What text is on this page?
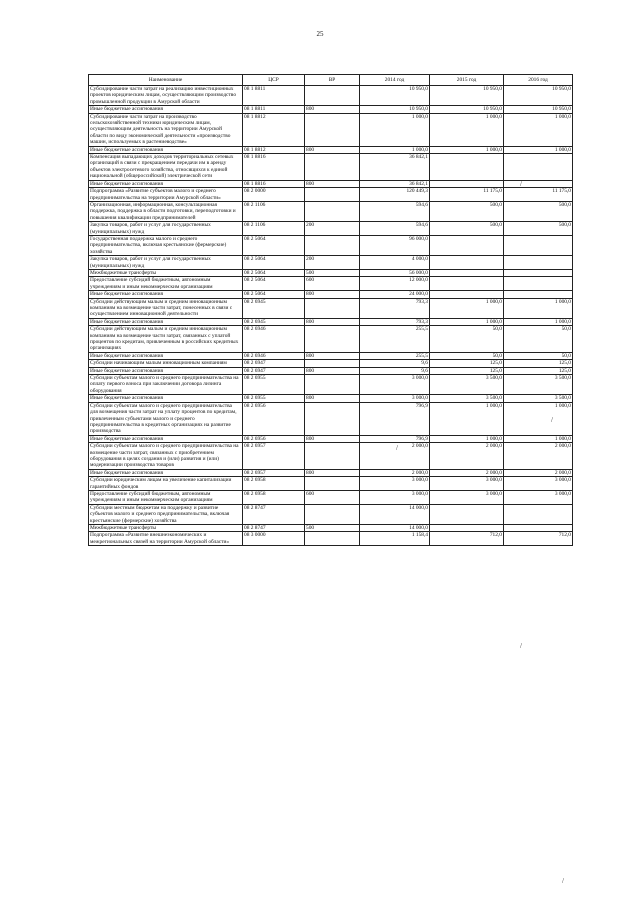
25
Наименование	ЦСР	ВР	2014 год	2015 год	2016 год
Субсидирование части затрат на реализацию инвестиционных проектов юридическим лицам, осуществляющим производство промышленной продукции в Амурской области	08 1 8811		10 950,0	10 950,0	10 950,0
Иные бюджетные ассигнования	08 1 8811	800	10 950,0	10 950,0	10 950,0
Субсидирование части затрат на производство сельскохозяйственной техники юридическим лицам, осуществляющим деятельность на территории Амурской области по виду экономической деятельности «производство машин, используемых в растениеводстве»	08 1 8812		1 000,0	1 000,0	1 000,0
Иные бюджетные ассигнования	08 1 8812	800	1 000,0	1 000,0	1 000,0
Компенсация выпадающих доходов территориальных сетевых организаций в связи с прекращением передачи им в аренду объектов электросетевого хозяйства, относящихся к единой национальной (общероссийской) электрической сети	08 1 8816		36 842,1		
Иные бюджетные ассигнования	08 1 8816	800	36 842,1		
Подпрограмма «Развитие субъектов малого и среднего предпринимательства на территории Амурской области»	08 2 0000		120 449,3	11 175,0	11 175,0
Организационная, информационная, консультационная поддержка, поддержка в области подготовки, переподготовки и повышения квалификации предпринимателей	08 2 1106		594,6	500,0	500,0
Закупка товаров, работ и услуг для государственных (муниципальных) нужд	08 2 1106	200	594,6	500,0	500,0
Государственная поддержка малого и среднего предпринимательства, включая крестьянские (фермерские) хозяйства	08 2 5064		96 000,0		
Закупка товаров, работ и услуг для государственных (муниципальных) нужд	08 2 5064	200	4 000,0		
Межбюджетные трансферты	08 2 5064	500	56 000,0		
Предоставление субсидий бюджетным, автономным учреждениям и иным некоммерческим организациям	08 2 5064	600	12 000,0		
Иные бюджетные ассигнования	08 2 5064	800	24 000,0		
Субсидии действующим малым и средним инновационным компаниям на возмещение части затрат, понесенных в связи с осуществлением инновационной деятельности	08 2 6945		793,3	1 000,0	1 000,0
Иные бюджетные ассигнования	08 2 6945	800	793,3	1 000,0	1 000,0
Субсидии действующим малым и средним инновационным компаниям на возмещение части затрат, связанных с уплатой процентов по кредитам, привлеченным в российских кредитных организациях	08 2 6946		255,5	50,0	50,0
Иные бюджетные ассигнования	08 2 6946	800	255,5	50,0	50,0
Субсидии начинающим малым инновационным компаниям	08 2 6947		9,6	125,0	125,0
Иные бюджетные ассигнования	08 2 6947	800	9,6	125,0	125,0
Субсидии субъектам малого и среднего предпринимательства на оплату первого взноса при заключении договора лизинга оборудования	08 2 6955		3 000,0	3 500,0	3 500,0
Иные бюджетные ассигнования	08 2 6955	800	3 000,0	3 500,0	3 500,0
Субсидии субъектам малого и среднего предпринимательства для возмещения части затрат на уплату процентов по кредитам, привлеченным субъектами малого и среднего предпринимательства в кредитных организациях на развитие производства	08 2 6956		796,9	1 000,0	1 000,0
Иные бюджетные ассигнования	08 2 6956	800	796,9	1 000,0	1 000,0
Субсидии субъектам малого и среднего предпринимательства на возмещение части затрат, связанных с приобретением оборудования в целях создания и (или) развития и (или) модернизации производства товаров	08 2 6957		2 000,0	2 000,0	2 000,0
Иные бюджетные ассигнования	08 2 6957	800	2 000,0	2 000,0	2 000,0
Субсидии юридическим лицам на увеличение капитализации гарантийных фондов	08 2 6958		3 000,0	3 000,0	3 000,0
Предоставление субсидий бюджетным, автономным учреждениям и иным некоммерческим организациям	08 2 6958	600	3 000,0	3 000,0	3 000,0
Субсидии местным бюджетам на поддержку и развитие субъектов малого и среднего предпринимательства, включая крестьянские (фермерские) хозяйства	08 2 8747		14 000,0		
Межбюджетные трансферты	08 2 8747	500	14 000,0		
Подпрограмма «Развитие внешнеэкономических и межрегиональных связей на территории Амурской области»	08 3 0000		1 158,4	712,0	712,0
/
/
/
/
/
